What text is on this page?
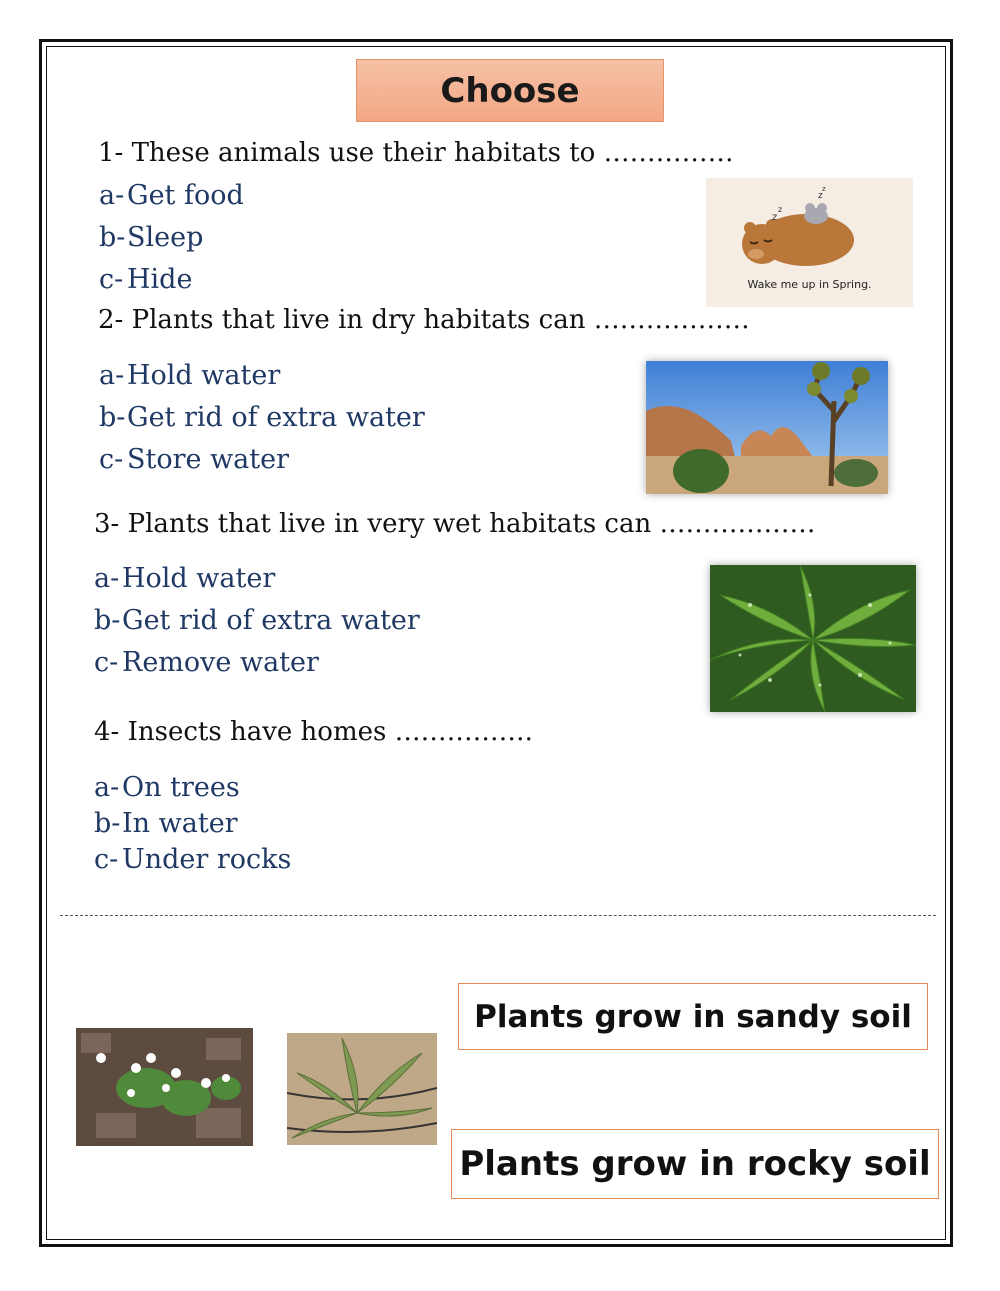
Choose
1- These animals use their habitats to ……………
a- Get food
b-Sleep
c- Hide
z
z
z
z
Wake me up in Spring.
2- Plants that live in dry habitats can ………………
a- Hold water
b-Get rid of extra water
c- Store water
3- Plants that live in very wet habitats can ………………
a- Hold water
b-Get rid of extra water
c- Remove water
4- Insects have homes …………….
a- On trees
b-In water
c- Under rocks
Plants grow in sandy soil
Plants grow in rocky soil
